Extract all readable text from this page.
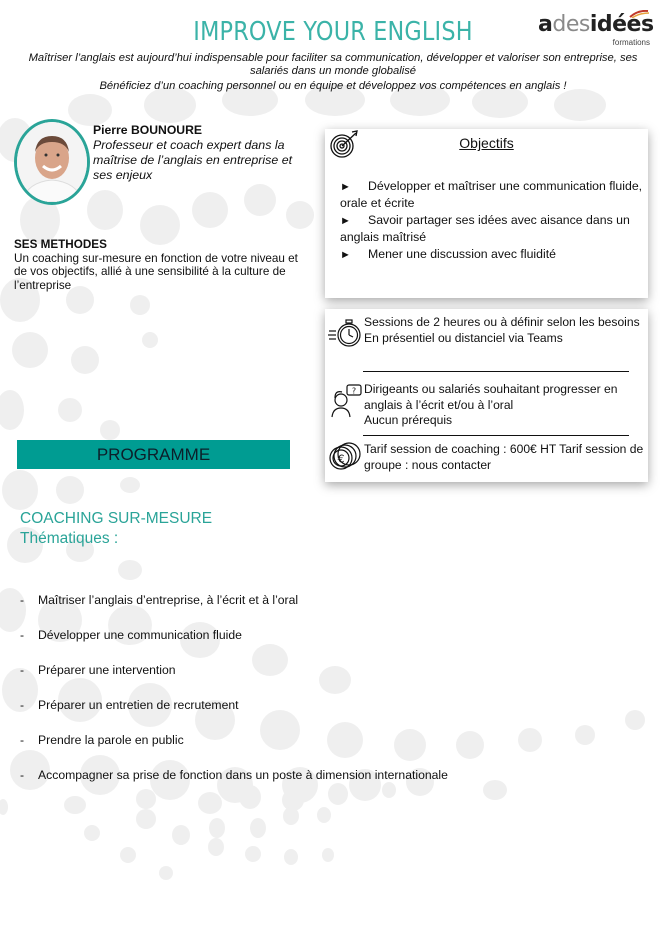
IMPROVE YOUR ENGLISH	adesidées
formations

Maîtriser l’anglais est aujourd’hui indispensable pour faciliter sa communication, développer et valoriser son entreprise, ses salariés dans un monde globalisé

Bénéficiez d’un coaching personnel ou en équipe et développez vos compétences en anglais !

Pierre BOUNOURE
Professeur et coach expert dans la maîtrise de l’anglais en entreprise et ses enjeux
SES METHODES
Un coaching sur-mesure en fonction de votre niveau et de vos objectifs, allié à une sensibilité à la culture de l’entreprise
Objectifs
► Développer et maîtriser une communication fluide, orale et écrite
► Savoir partager ses idées avec aisance dans un anglais maîtrisé
► Mener une discussion avec fluidité
Sessions de 2 heures ou à définir selon les besoins
En présentiel ou distanciel via Teams
? Dirigeants ou salariés souhaitant progresser en anglais à l’écrit et/ou à l’oral
Aucun prérequis
€
Tarif session de coaching : 600€ HT Tarif session de groupe : nous contacter
PROGRAMME
COACHING SUR-MESURE
Thématiques :
- Maîtriser l’anglais d’entreprise, à l’écrit et à l’oral
- Développer une communication fluide
- Préparer une intervention
- Préparer un entretien de recrutement
- Prendre la parole en public
- Accompagner sa prise de fonction dans un poste à dimension internationale
